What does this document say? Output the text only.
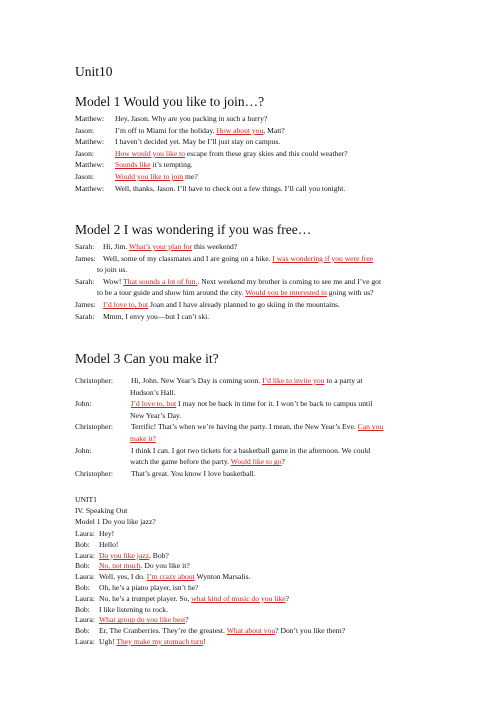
Unit10
Model 1 Would you like to join…?
Matthew: Hey, Jason. Why are you packing in such a hurry?
Jason:	I’m off to Miami for the holiday. How about you, Matt?
Matthew: I haven’t decided yet. May be I’ll just stay on campus.
Jason:	How would you like to escape from these gray skies and this could weather?
Matthew: Sounds like it’s tempting.
Jason:	Would you like to join me?
Matthew: Well, thanks, Jason. I’ll have to check out a few things. I’ll call you tonight.
Model 2 I was wondering if you was free…
Sarah: Hi, Jim. What’s your plan for this weekend?
James: Well, some of my classmates and I are going on a hike. I was wondering if you were free
to join us.
Sarah: Wow! That sounds a lot of fun.. Next weekend my brother is coming to see me and I’ve got
to be a tour guide and show him around the city. Would you be interested in going with us?
James: I’d love to, but Joan and I have already planned to go skiing in the mountains.
Sarah: Mmm, I envy you—but I can’t ski.
Model 3 Can you make it?
Christopher: Hi, John. New Year’s Day is coming soon. I’d like to invite you to a party at
Hudson’s Hall.
John:	I’d love to, but I may not be back in time for it. I won’t be back to campus until
New Year’s Day.
Christopher: Terrific! That’s when we’re having the party. I mean, the New Year’s Eve. Can you
make it?
John:	I think I can. I got two tickets for a basketball game in the afternoon. We could
watch the game before the party. Would like to go?
Christopher: That’s great. You know I love basketball.
UNIT1
IV. Speaking Out
Model 1 Do you like jazz?
Laura: Hey!
Bob: Hello!
Laura: Do you like jazz, Bob?
Bob: No, not much. Do you like it?
Laura: Well, yes, I do. I’m crazy about Wynton Marsalis.
Bob: Oh, he’s a piano player, isn’t he?
Laura: No, he’s a trumpet player. So, what kind of music do you like?
Bob: I like listening to rock.
Laura: What group do you like best?
Bob: Er, The Cranberries. They’re the greatest. What about you? Don’t you like them?
Laura: Ugh! They make my stomach turn!
